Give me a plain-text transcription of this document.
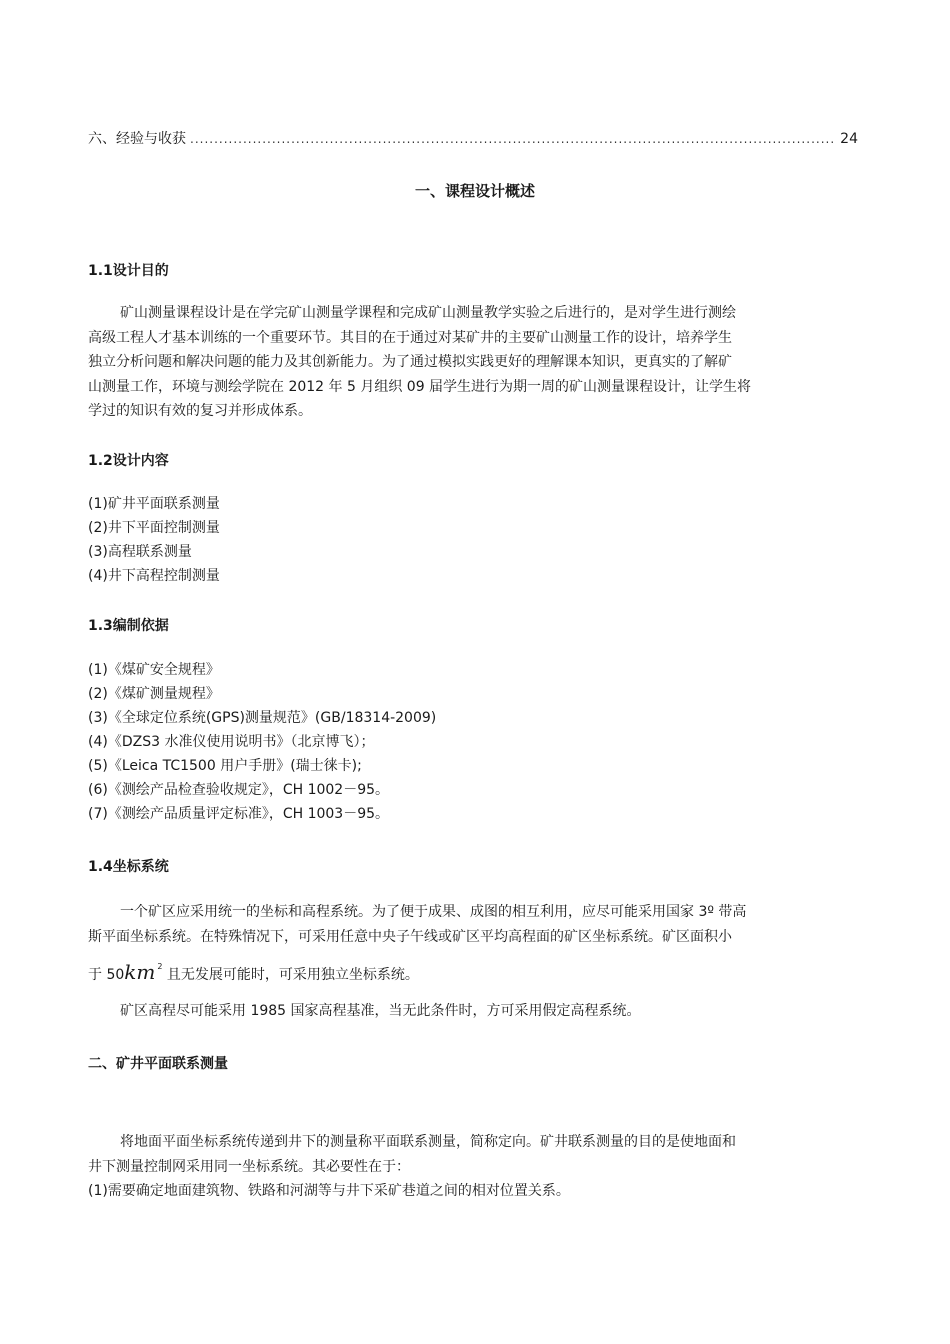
六、经验与收获
.....	24
一、课程设计概述
1.1设计目的
矿山测量课程设计是在学完矿山测量学课程和完成矿山测量教学实验之后进行的，是对学生进行测绘
高级工程人才基本训练的一个重要环节。其目的在于通过对某矿井的主要矿山测量工作的设计，培养学生
独立分析问题和解决问题的能力及其创新能力。为了通过模拟实践更好的理解课本知识，更真实的了解矿
山测量工作，环境与测绘学院在 2012 年 5 月组织 09 届学生进行为期一周的矿山测量课程设计，让学生将
学过的知识有效的复习并形成体系。
1.2设计内容
(1)矿井平面联系测量
(2)井下平面控制测量
(3)高程联系测量
(4)井下高程控制测量
1.3编制依据
(1)《煤矿安全规程》
(2)《煤矿测量规程》
(3)《全球定位系统(GPS)测量规范》(GB/18314-2009)
(4)《DZS3 水准仪使用说明书》（北京博飞）；
(5)《Leica TC1500 用户手册》(瑞士徕卡);
(6)《测绘产品检查验收规定》，CH 1002－95。
(7)《测绘产品质量评定标准》，CH 1003－95。
1.4坐标系统
一个矿区应采用统一的坐标和高程系统。为了便于成果、成图的相互利用，应尽可能采用国家 3º 带高
斯平面坐标系统。在特殊情况下，可采用任意中央子午线或矿区平均高程面的矿区坐标系统。矿区面积小
于 50km $^2$ 且无发展可能时，可采用独立坐标系统。
矿区高程尽可能采用 1985 国家高程基准，当无此条件时，方可采用假定高程系统。
二、矿井平面联系测量
将地面平面坐标系统传递到井下的测量称平面联系测量，简称定向。矿井联系测量的目的是使地面和
井下测量控制网采用同一坐标系统。其必要性在于：
(1)需要确定地面建筑物、铁路和河湖等与井下采矿巷道之间的相对位置关系。
